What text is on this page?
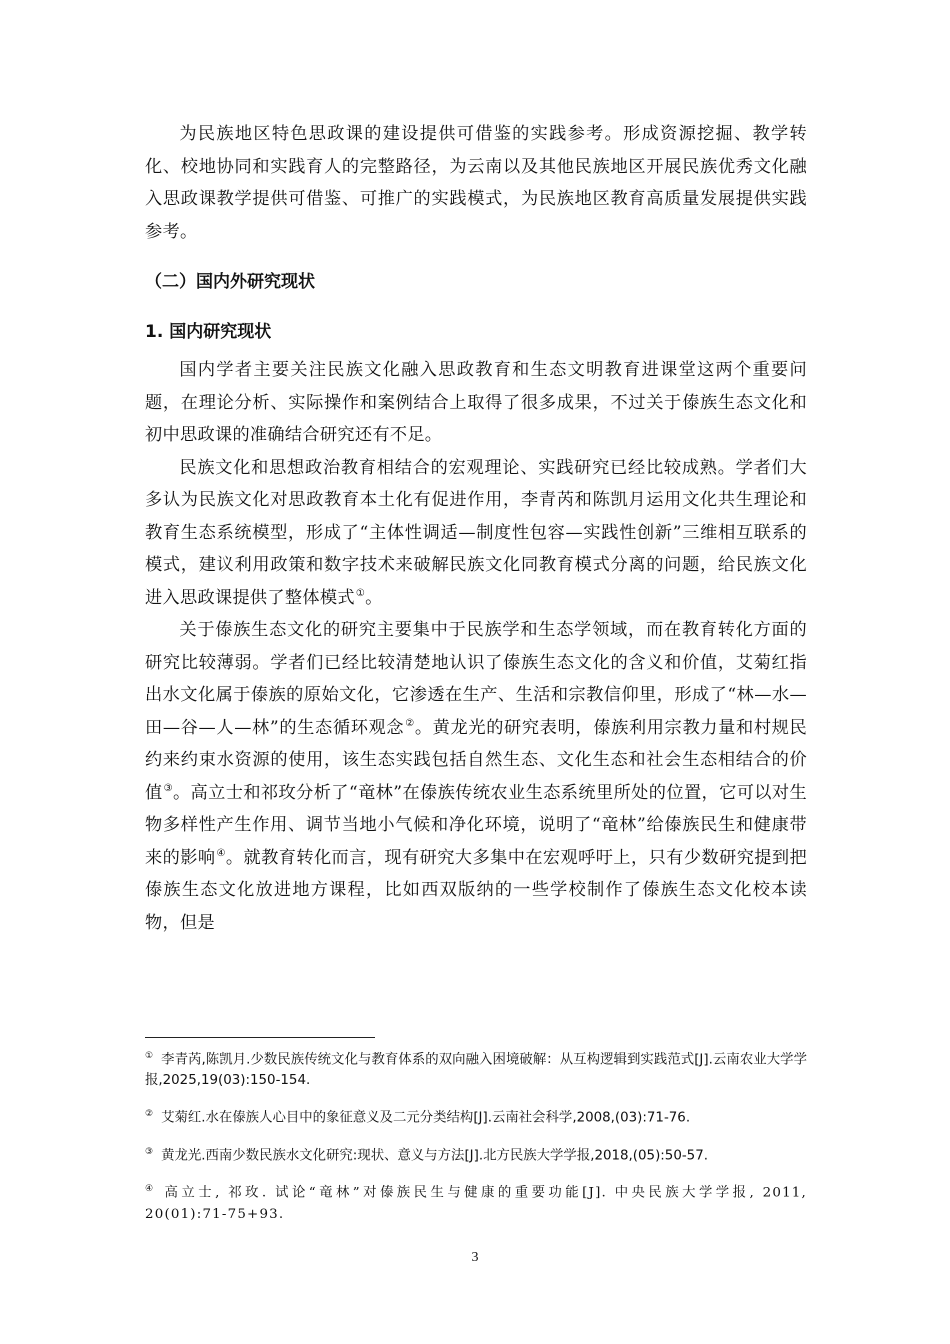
为民族地区特色思政课的建设提供可借鉴的实践参考。形成资源挖掘、教学转化、校地协同和实践育人的完整路径，为云南以及其他民族地区开展民族优秀文化融入思政课教学提供可借鉴、可推广的实践模式，为民族地区教育高质量发展提供实践参考。

（二）国内外研究现状
1. 国内研究现状

国内学者主要关注民族文化融入思政教育和生态文明教育进课堂这两个重要问题，在理论分析、实际操作和案例结合上取得了很多成果，不过关于傣族生态文化和初中思政课的准确结合研究还有不足。

民族文化和思想政治教育相结合的宏观理论、实践研究已经比较成熟。学者们大多认为民族文化对思政教育本土化有促进作用，李青芮和陈凯月运用文化共生理论和教育生态系统模型，形成了“主体性调适—制度性包容—实践性创新”三维相互联系的模式，建议利用政策和数字技术来破解民族文化同教育模式分离的问题，给民族文化进入思政课提供了整体模式①。

关于傣族生态文化的研究主要集中于民族学和生态学领域，而在教育转化方面的研究比较薄弱。学者们已经比较清楚地认识了傣族生态文化的含义和价值，艾菊红指出水文化属于傣族的原始文化，它渗透在生产、生活和宗教信仰里，形成了“林—水—田—谷—人—林”的生态循环观念②。黄龙光的研究表明，傣族利用宗教力量和村规民约来约束水资源的使用，该生态实践包括自然生态、文化生态和社会生态相结合的价值③。高立士和祁玫分析了“竜林”在傣族传统农业生态系统里所处的位置，它可以对生物多样性产生作用、调节当地小气候和净化环境，说明了“竜林”给傣族民生和健康带来的影响④。就教育转化而言，现有研究大多集中在宏观呼吁上，只有少数研究提到把傣族生态文化放进地方课程，比如西双版纳的一些学校制作了傣族生态文化校本读物，但是

① 李青芮,陈凯月.少数民族传统文化与教育体系的双向融入困境破解：从互构逻辑到实践范式[J].云南农业大学学报,2025,19(03):150-154.

② 艾菊红.水在傣族人心目中的象征意义及二元分类结构[J].云南社会科学,2008,(03):71-76.

③ 黄龙光.西南少数民族水文化研究:现状、意义与方法[J].北方民族大学学报,2018,(05):50-57.

④ 高立士, 祁玫. 试论“竜林”对傣族民生与健康的重要功能[J]. 中央民族大学学报, 2011, 20(01):71-75+93.

3
